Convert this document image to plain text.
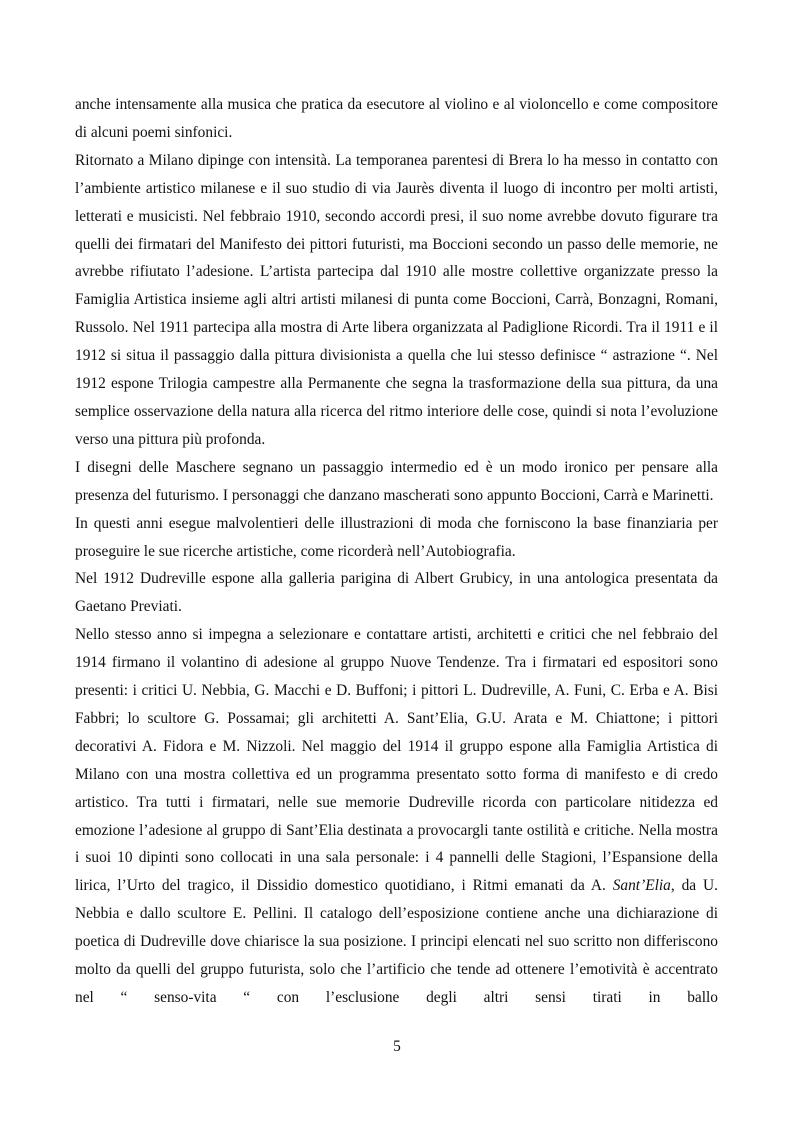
anche intensamente alla musica che pratica da esecutore al violino e al violoncello e come compositore di alcuni poemi sinfonici.

Ritornato a Milano dipinge con intensità. La temporanea parentesi di Brera lo ha messo in contatto con l’ambiente artistico milanese e il suo studio di via Jaurès diventa il luogo di incontro per molti artisti, letterati e musicisti. Nel febbraio 1910, secondo accordi presi, il suo nome avrebbe dovuto figurare tra quelli dei firmatari del Manifesto dei pittori futuristi, ma Boccioni secondo un passo delle memorie, ne avrebbe rifiutato l’adesione. L’artista partecipa dal 1910 alle mostre collettive organizzate presso la Famiglia Artistica insieme agli altri artisti milanesi di punta come Boccioni, Carrà, Bonzagni, Romani, Russolo. Nel 1911 partecipa alla mostra di Arte libera organizzata al Padiglione Ricordi. Tra il 1911 e il 1912 si situa il passaggio dalla pittura divisionista a quella che lui stesso definisce “ astrazione “. Nel 1912 espone Trilogia campestre alla Permanente che segna la trasformazione della sua pittura, da una semplice osservazione della natura alla ricerca del ritmo interiore delle cose, quindi si nota l’evoluzione verso una pittura più profonda.

I disegni delle Maschere segnano un passaggio intermedio ed è un modo ironico per pensare alla presenza del futurismo. I personaggi che danzano mascherati sono appunto Boccioni, Carrà e Marinetti.

In questi anni esegue malvolentieri delle illustrazioni di moda che forniscono la base finanziaria per proseguire le sue ricerche artistiche, come ricorderà nell’Autobiografia.

Nel 1912 Dudreville espone alla galleria parigina di Albert Grubicy, in una antologica presentata da Gaetano Previati.

Nello stesso anno si impegna a selezionare e contattare artisti, architetti e critici che nel febbraio del 1914 firmano il volantino di adesione al gruppo Nuove Tendenze. Tra i firmatari ed espositori sono presenti: i critici U. Nebbia, G. Macchi e D. Buffoni; i pittori L. Dudreville, A. Funi, C. Erba e A. Bisi Fabbri; lo scultore G. Possamai; gli architetti A. Sant’Elia, G.U. Arata e M. Chiattone; i pittori decorativi A. Fidora e M. Nizzoli. Nel maggio del 1914 il gruppo espone alla Famiglia Artistica di Milano con una mostra collettiva ed un programma presentato sotto forma di manifesto e di credo artistico. Tra tutti i firmatari, nelle sue memorie Dudreville ricorda con particolare nitidezza ed emozione l’adesione al gruppo di Sant’Elia destinata a provocargli tante ostilità e critiche. Nella mostra i suoi 10 dipinti sono collocati in una sala personale: i 4 pannelli delle Stagioni, l’Espansione della lirica, l’Urto del tragico, il Dissidio domestico quotidiano, i Ritmi emanati da A. Sant’Elia, da U. Nebbia e dallo scultore E. Pellini. Il catalogo dell’esposizione contiene anche una dichiarazione di poetica di Dudreville dove chiarisce la sua posizione. I principi elencati nel suo scritto non differiscono molto da quelli del gruppo futurista, solo che l’artificio che tende ad ottenere l’emotività è accentrato nel “ senso-vita “ con l’esclusione degli altri sensi tirati in ballo

5
